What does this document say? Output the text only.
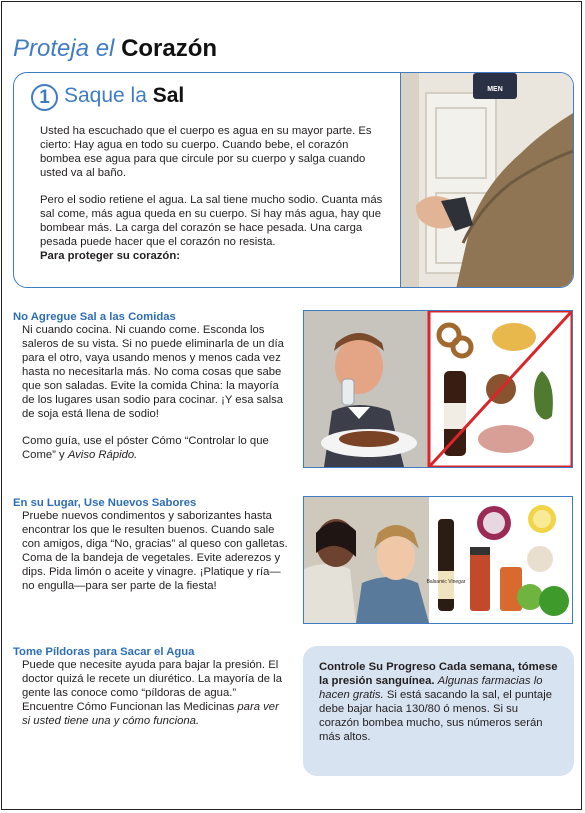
Proteja el Corazón
1 Saque la Sal

Usted ha escuchado que el cuerpo es agua en su mayor parte. Es cierto: Hay agua en todo su cuerpo. Cuando bebe, el corazón bombea ese agua para que circule por su cuerpo y salga cuando usted va al baño.

Pero el sodio retiene el agua. La sal tiene mucho sodio. Cuanta más sal come, más agua queda en su cuerpo. Si hay más agua, hay que bombear más. La carga del corazón se hace pesada. Una carga pesada puede hacer que el corazón no resista.

Para proteger su corazón:
MEN
No Agregue Sal a las Comidas
Ni cuando cocina. Ni cuando come. Esconda los saleros de su vista. Si no puede eliminarla de un día para el otro, vaya usando menos y menos cada vez hasta no necesitarla más. No coma cosas que sabe que son saladas. Evite la comida China: la mayoría de los lugares usan sodio para cocinar. ¡Y esa salsa de soja está llena de sodio!
Como guía, use el póster Cómo “Controlar lo que Come” y Aviso Rápido.
En su Lugar, Use Nuevos Sabores
Pruebe nuevos condimentos y saborizantes hasta encontrar los que le resulten buenos. Cuando sale con amigos, diga “No, gracias” al queso con galletas. Coma de la bandeja de vegetales. Evite aderezos y dips. Pida limón o aceite y vinagre. ¡Platique y ría—no engulla—para ser parte de la fiesta!	Balsamic Vinegar
Tome Píldoras para Sacar el Agua
Puede que necesite ayuda para bajar la presión. El doctor quizá le recete un diurético. La mayoría de la gente las conoce como “píldoras de agua.” Encuentre Cómo Funcionan las Medicinas para ver si usted tiene una y cómo funciona.
Controle Su Progreso Cada semana, tómese la presión sanguínea. Algunas farmacias lo hacen gratis. Si está sacando la sal, el puntaje debe bajar hacia 130/80 ó menos. Si su corazón bombea mucho, sus números serán más altos.
